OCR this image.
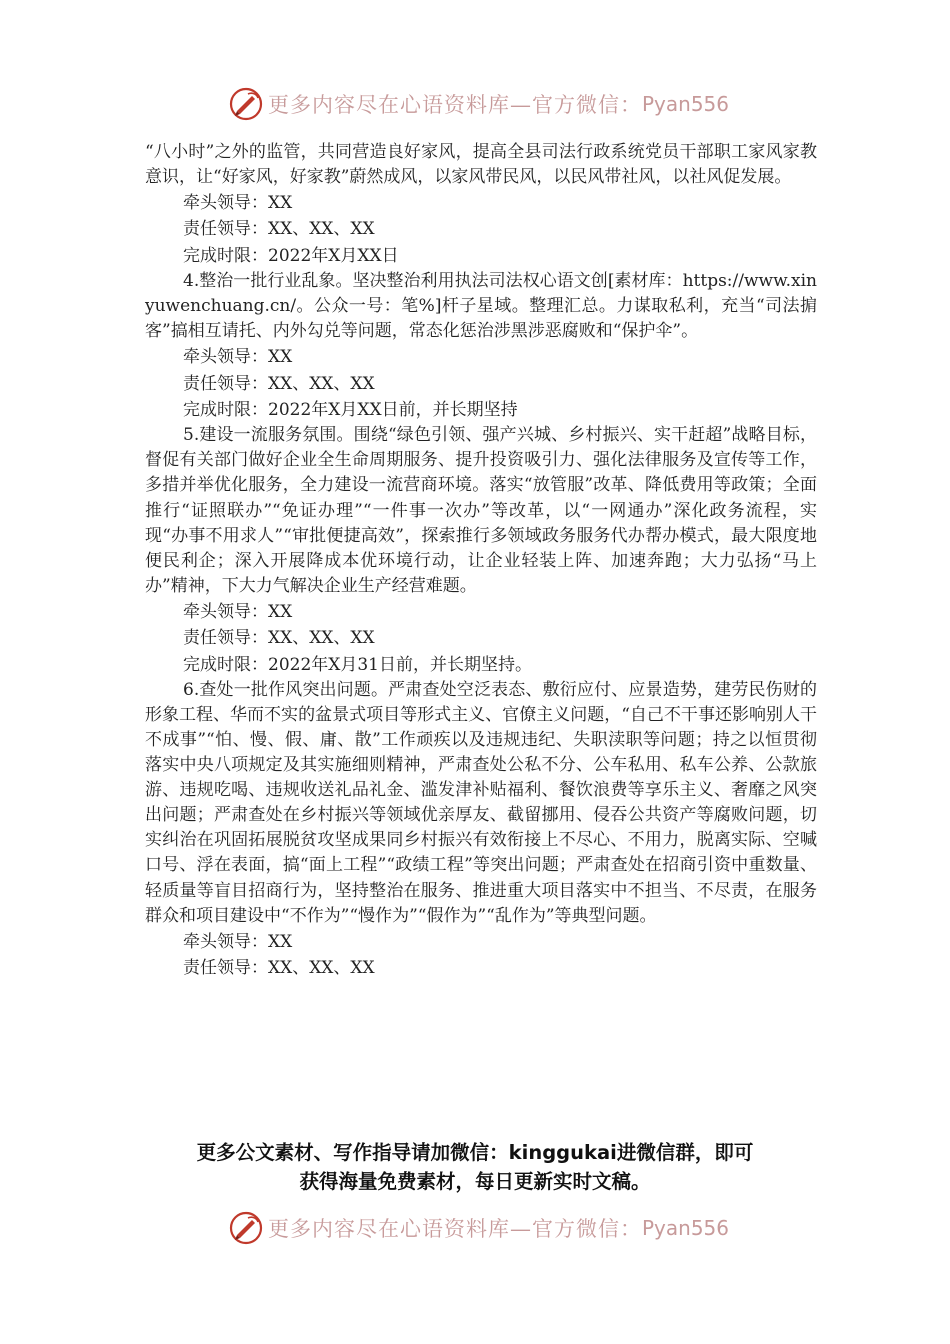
更多内容尽在心语资料库—官方微信： Pyan556

“八小时”之外的监管，共同营造良好家风，提高全县司法行政系统党员干部职工家风家教意识，让“好家风，好家教”蔚然成风，以家风带民风，以民风带社风，以社风促发展。

牵头领导：XX

责任领导：XX、XX、XX

完成时限：2022年X月XX日

4.整治一批行业乱象。坚决整治利用执法司法权心语文创[素材库：https://www.xinyuwenchuang.cn/。公众一号：笔%]杆子星域。整理汇总。力谋取私利，充当“司法掮客”搞相互请托、内外勾兑等问题，常态化惩治涉黑涉恶腐败和“保护伞”。

牵头领导：XX

责任领导：XX、XX、XX

完成时限：2022年X月XX日前，并长期坚持

5.建设一流服务氛围。围绕“绿色引领、强产兴城、乡村振兴、实干赶超”战略目标，督促有关部门做好企业全生命周期服务、提升投资吸引力、强化法律服务及宣传等工作，多措并举优化服务，全力建设一流营商环境。落实“放管服”改革、降低费用等政策；全面推行“证照联办”“免证办理”“一件事一次办”等改革，以“一网通办”深化政务流程，实现“办事不用求人”“审批便捷高效”，探索推行多领域政务服务代办帮办模式，最大限度地便民利企；深入开展降成本优环境行动，让企业轻装上阵、加速奔跑；大力弘扬“马上办”精神，下大力气解决企业生产经营难题。

牵头领导：XX

责任领导：XX、XX、XX

完成时限：2022年X月31日前，并长期坚持。

6.查处一批作风突出问题。严肃查处空泛表态、敷衍应付、应景造势，建劳民伤财的形象工程、华而不实的盆景式项目等形式主义、官僚主义问题，“自己不干事还影响别人干不成事”“怕、慢、假、庸、散”工作顽疾以及违规违纪、失职渎职等问题；持之以恒贯彻落实中央八项规定及其实施细则精神，严肃查处公私不分、公车私用、私车公养、公款旅游、违规吃喝、违规收送礼品礼金、滥发津补贴福利、餐饮浪费等享乐主义、奢靡之风突出问题；严肃查处在乡村振兴等领域优亲厚友、截留挪用、侵吞公共资产等腐败问题，切实纠治在巩固拓展脱贫攻坚成果同乡村振兴有效衔接上不尽心、不用力，脱离实际、空喊口号、浮在表面，搞“面上工程”“政绩工程”等突出问题；严肃查处在招商引资中重数量、轻质量等盲目招商行为，坚持整治在服务、推进重大项目落实中不担当、不尽责，在服务群众和项目建设中“不作为”“慢作为”“假作为”“乱作为”等典型问题。

牵头领导：XX

责任领导：XX、XX、XX

更多公文素材、写作指导请加微信：kinggukai进微信群，即可
获得海量免费素材，每日更新实时文稿。
更多内容尽在心语资料库—官方微信： Pyan556
